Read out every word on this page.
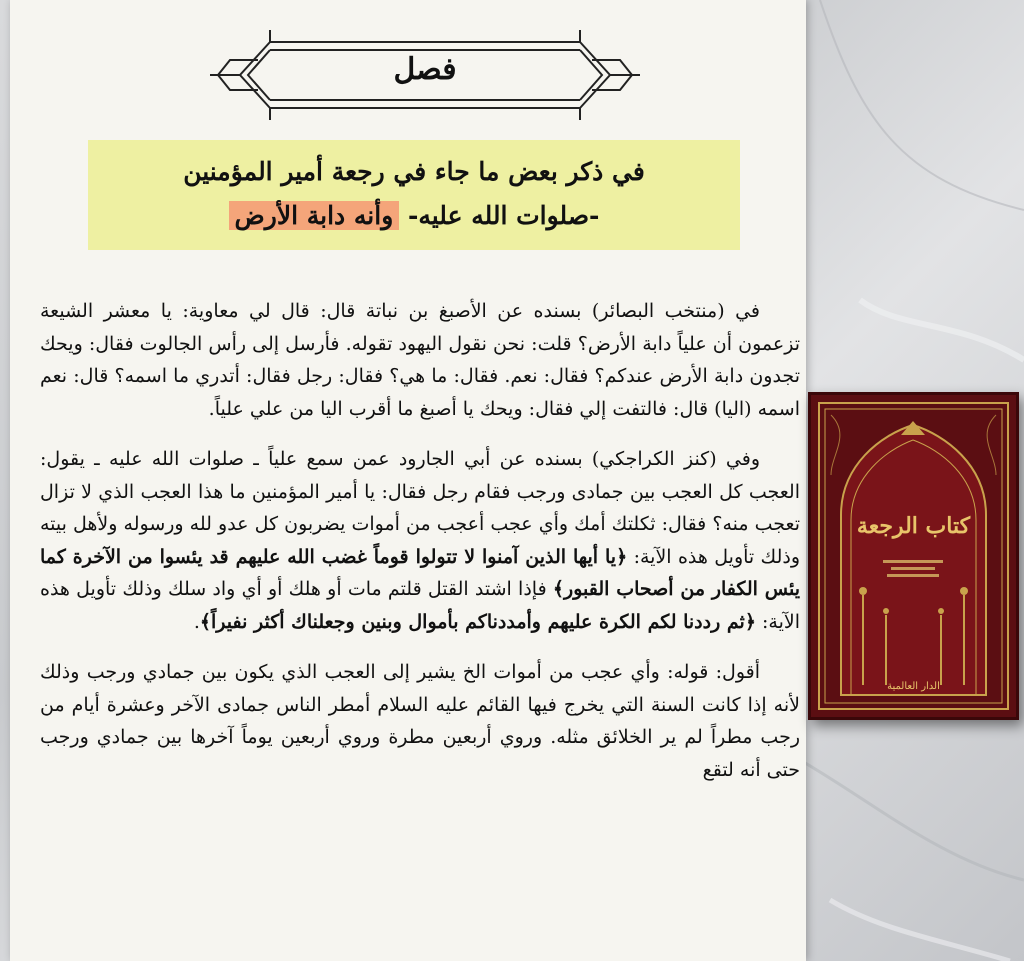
فصل
في ذكر بعض ما جاء في رجعة أمير المؤمنين
-صلوات الله عليه- وأنه دابة الأرض

في (منتخب البصائر) بسنده عن الأصبغ بن نباتة قال: قال لي معاوية: يا معشر الشيعة تزعمون أن علياً دابة الأرض؟ قلت: نحن نقول اليهود تقوله. فأرسل إلى رأس الجالوت فقال: ويحك تجدون دابة الأرض عندكم؟ فقال: نعم. فقال: ما هي؟ فقال: رجل فقال: أتدري ما اسمه؟ قال: نعم اسمه (اليا) قال: فالتفت إلي فقال: ويحك يا أصبغ ما أقرب اليا من علي علياً.

وفي (كنز الكراجكي) بسنده عن أبي الجارود عمن سمع علياً ـ صلوات الله عليه ـ يقول: العجب كل العجب بين جمادى ورجب فقام رجل فقال: يا أمير المؤمنين ما هذا العجب الذي لا تزال تعجب منه؟ فقال: ثكلتك أمك وأي عجب أعجب من أموات يضربون كل عدو لله ورسوله ولأهل بيته وذلك تأويل هذه الآية: ﴿يا أيها الذين آمنوا لا تتولوا قوماً غضب الله عليهم قد يئسوا من الآخرة كما يئس الكفار من أصحاب القبور﴾ فإذا اشتد القتل قلتم مات أو هلك أو أي واد سلك وذلك تأويل هذه الآية: ﴿ثم رددنا لكم الكرة عليهم وأمددناكم بأموال وبنين وجعلناك أكثر نفيراً﴾.

أقول: قوله: وأي عجب من أموات الخ يشير إلى العجب الذي يكون بين جمادي ورجب وذلك لأنه إذا كانت السنة التي يخرج فيها القائم عليه السلام أمطر الناس جمادى الآخر وعشرة أيام من رجب مطراً لم ير الخلائق مثله. وروي أربعين مطرة وروي أربعين يوماً آخرها بين جمادي ورجب حتى أنه لتقع

كتاب الرجعة
الدار العالمية
